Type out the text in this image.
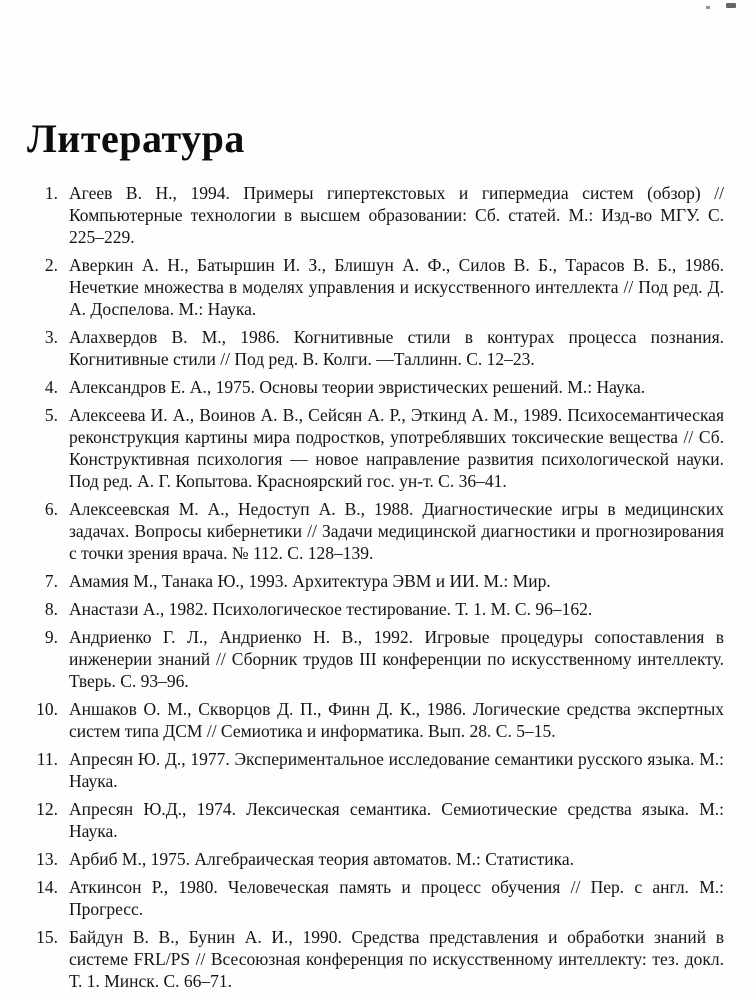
Литература
1. Агеев В. Н., 1994. Примеры гипертекстовых и гипермедиа систем (обзор) // Компьютерные технологии в высшем образовании: Сб. статей. М.: Изд-во МГУ. С. 225–229.
2. Аверкин А. Н., Батыршин И. З., Блишун А. Ф., Силов В. Б., Тарасов В. Б., 1986. Нечеткие множества в моделях управления и искусственного интеллекта // Под ред. Д. А. Доспелова. М.: Наука.
3. Алахвердов В. М., 1986. Когнитивные стили в контурах процесса познания. Когнитивные стили // Под ред. В. Колги. —Таллинн. С. 12–23.
4. Александров Е. А., 1975. Основы теории эвристических решений. М.: Наука.
5. Алексеева И. А., Воинов А. В., Сейсян А. Р., Эткинд А. М., 1989. Психосемантическая реконструкция картины мира подростков, употреблявших токсические вещества // Сб. Конструктивная психология — новое направление развития психологической науки. Под ред. А. Г. Копытова. Красноярский гос. ун-т. С. 36–41.
6. Алексеевская М. А., Недоступ А. В., 1988. Диагностические игры в медицинских задачах. Вопросы кибернетики // Задачи медицинской диагностики и прогнозирования с точки зрения врача. № 112. С. 128–139.
7. Амамия М., Танака Ю., 1993. Архитектура ЭВМ и ИИ. М.: Мир.
8. Анастази А., 1982. Психологическое тестирование. Т. 1. М. С. 96–162.
9. Андриенко Г. Л., Андриенко Н. В., 1992. Игровые процедуры сопоставления в инженерии знаний // Сборник трудов III конференции по искусственному интеллекту. Тверь. С. 93–96.
10. Аншаков О. М., Скворцов Д. П., Финн Д. К., 1986. Логические средства экспертных систем типа ДСМ // Семиотика и информатика. Вып. 28. С. 5–15.
11. Апресян Ю. Д., 1977. Экспериментальное исследование семантики русского языка. М.: Наука.
12. Апресян Ю.Д., 1974. Лексическая семантика. Семиотические средства языка. М.: Наука.
13. Арбиб М., 1975. Алгебраическая теория автоматов. М.: Статистика.
14. Аткинсон Р., 1980. Человеческая память и процесс обучения // Пер. с англ. М.: Прогресс.
15. Байдун В. В., Бунин А. И., 1990. Средства представления и обработки знаний в системе FRL/PS // Всесоюзная конференция по искусственному интеллекту: тез. докл. Т. 1. Минск. С. 66–71.
